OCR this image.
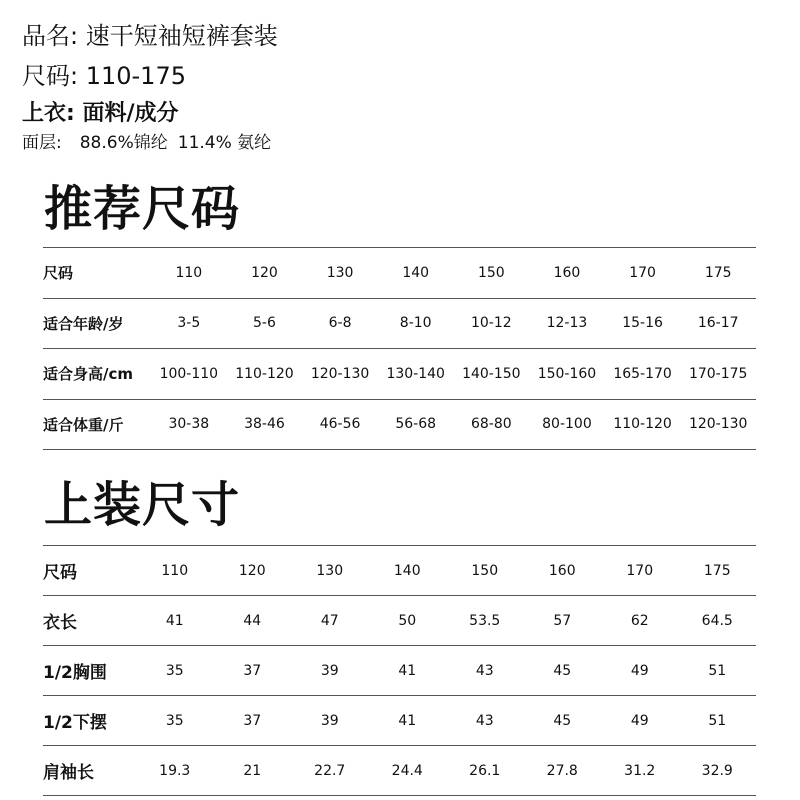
品名: 速干短袖短裤套装
尺码: 110-175
上衣: 面料/成分
面层: 88.6%锦纶 11.4% 氨纶
推荐尺码
尺码	110	120	130	140	150	160	170	175
适合年龄/岁	3-5	5-6	6-8	8-10	10-12	12-13	15-16	16-17
适合身高/cm	100-110	110-120	120-130	130-140	140-150	150-160	165-170	170-175
适合体重/斤	30-38	38-46	46-56	56-68	68-80	80-100	110-120	120-130
上装尺寸
尺码	110	120	130	140	150	160	170	175
衣长	41	44	47	50	53.5	57	62	64.5
1/2胸围	35	37	39	41	43	45	49	51
1/2下摆	35	37	39	41	43	45	49	51
肩袖长	19.3	21	22.7	24.4	26.1	27.8	31.2	32.9
